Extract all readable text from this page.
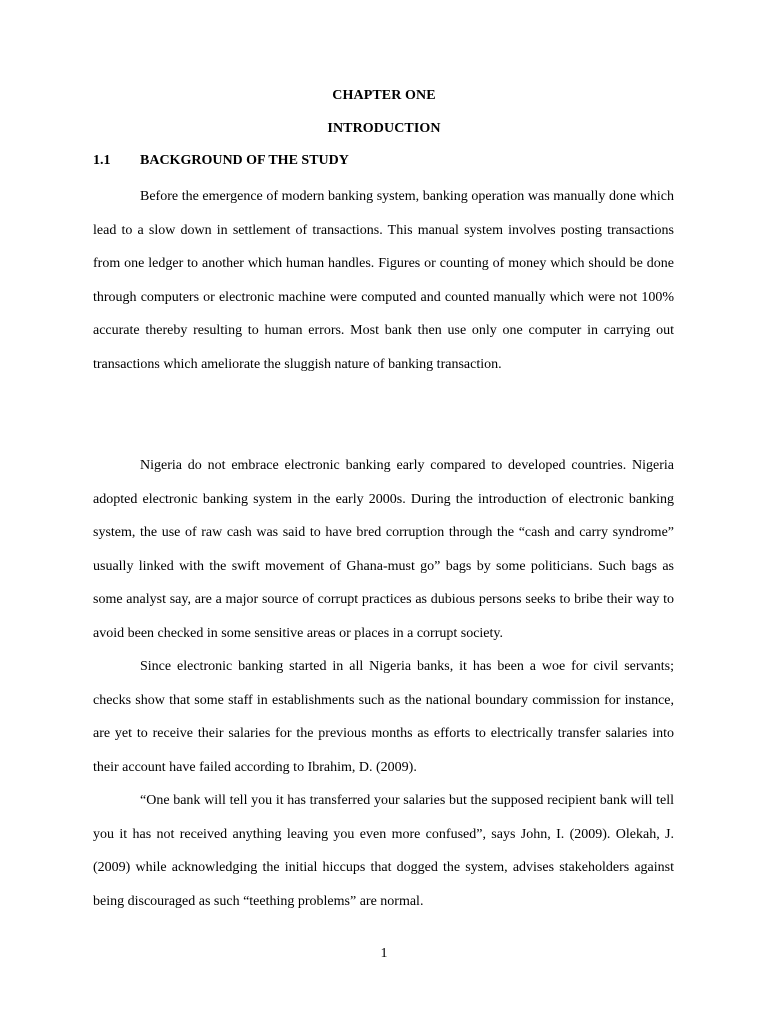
CHAPTER ONE
INTRODUCTION
1.1 BACKGROUND OF THE STUDY

Before the emergence of modern banking system, banking operation was manually done which lead to a slow down in settlement of transactions. This manual system involves posting transactions from one ledger to another which human handles. Figures or counting of money which should be done through computers or electronic machine were computed and counted manually which were not 100% accurate thereby resulting to human errors. Most bank then use only one computer in carrying out transactions which ameliorate the sluggish nature of banking transaction.

Nigeria do not embrace electronic banking early compared to developed countries. Nigeria adopted electronic banking system in the early 2000s. During the introduction of electronic banking system, the use of raw cash was said to have bred corruption through the “cash and carry syndrome” usually linked with the swift movement of Ghana-must go” bags by some politicians. Such bags as some analyst say, are a major source of corrupt practices as dubious persons seeks to bribe their way to avoid been checked in some sensitive areas or places in a corrupt society.

Since electronic banking started in all Nigeria banks, it has been a woe for civil servants; checks show that some staff in establishments such as the national boundary commission for instance, are yet to receive their salaries for the previous months as efforts to electrically transfer salaries into their account have failed according to Ibrahim, D. (2009).

“One bank will tell you it has transferred your salaries but the supposed recipient bank will tell you it has not received anything leaving you even more confused”, says John, I. (2009). Olekah, J. (2009) while acknowledging the initial hiccups that dogged the system, advises stakeholders against being discouraged as such “teething problems” are normal.

1
